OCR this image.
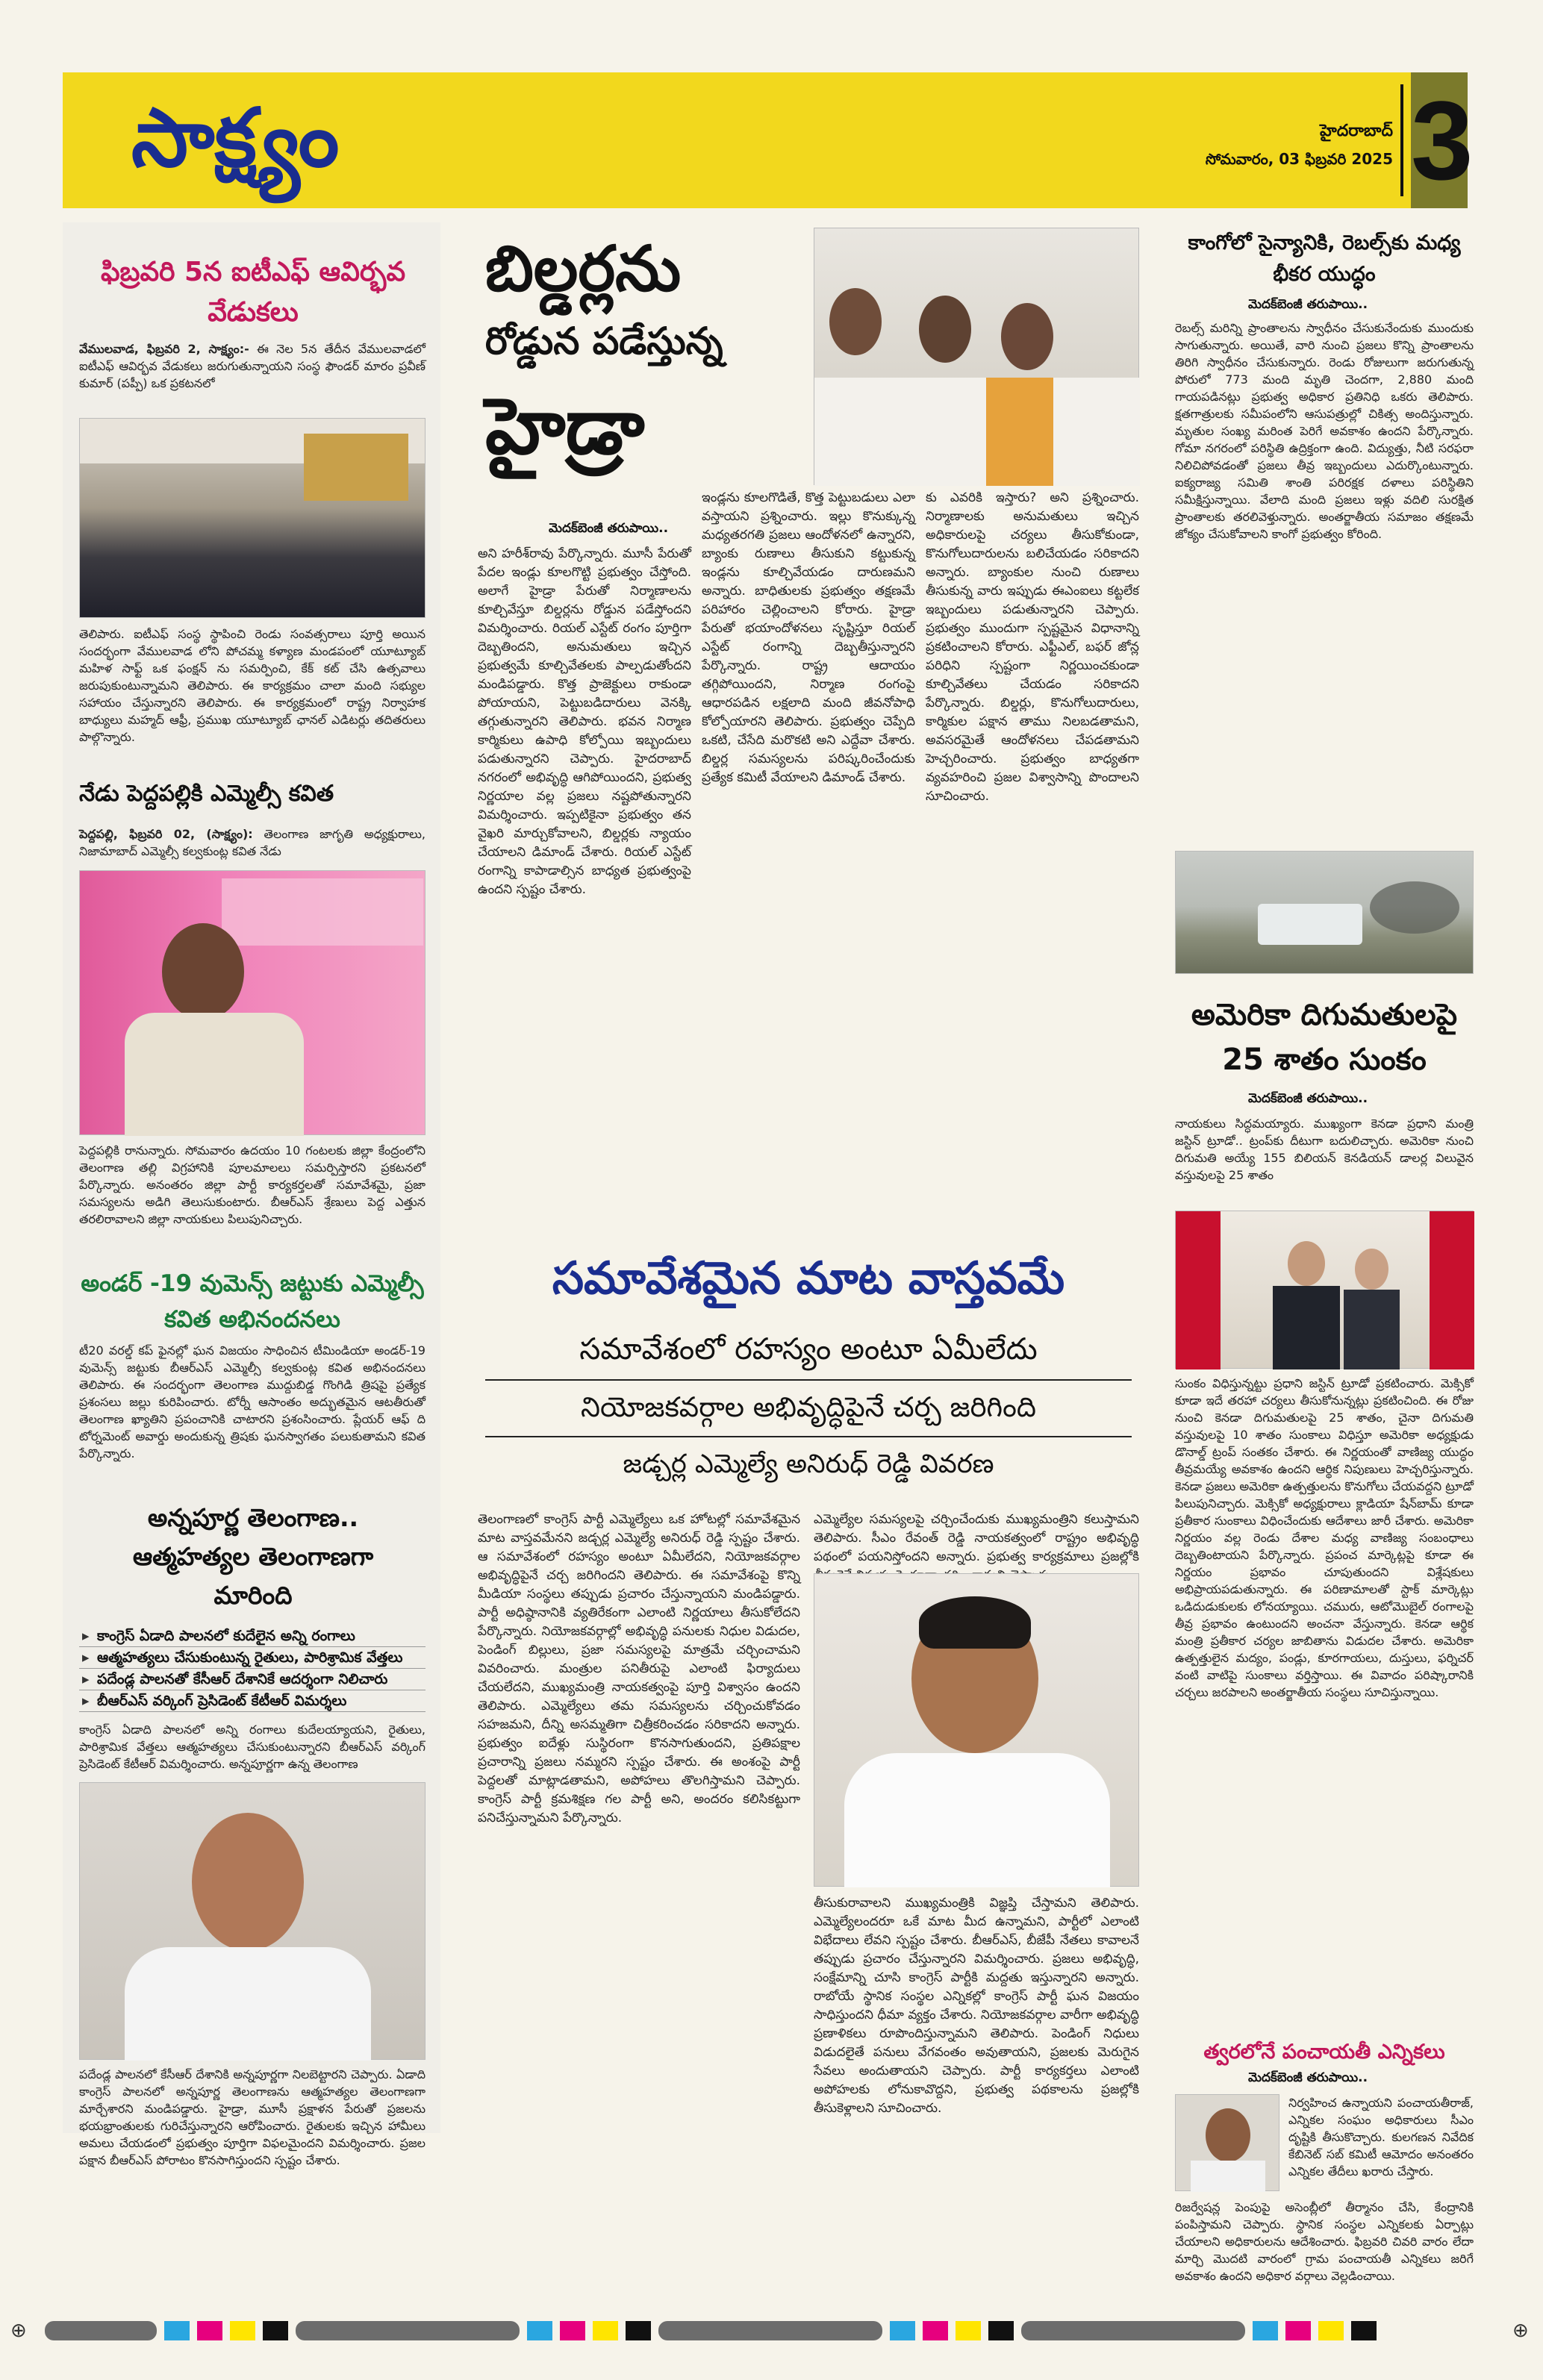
సాక్ష్యం	హైదరాబాద్
సోమవారం, 03 ఫిబ్రవరి 2025 3
ఫిబ్రవరి 5న ఐటీఎఫ్ ఆవిర్భవ వేడుకలు
వేములవాడ, ఫిబ్రవరి 2, సాక్ష్యం:- ఈ నెల 5న తేదీన వేములవాడలో ఐటీఎఫ్ ఆవిర్భవ వేడుకలు జరుగుతున్నాయని సంస్థ ఫౌండర్ మారం ప్రవీణ్ కుమార్ (పప్పీ) ఒక ప్రకటనలో
తెలిపారు. ఐటీఎఫ్ సంస్థ స్థాపించి రెండు సంవత్సరాలు పూర్తి అయిన సందర్భంగా వేములవాడ లోని పోచమ్మ కళ్యాణ మండపంలో యూట్యూబ్ మహిళ సాఫ్ట్ ఒక ఫంక్షన్ ను సమర్పించి, కేక్ కట్ చేసి ఉత్సవాలు జరుపుకుంటున్నామని తెలిపారు. ఈ కార్యక్రమం చాలా మంది సభ్యుల సహాయం చేస్తున్నారని తెలిపారు. ఈ కార్యక్రమంలో రాష్ట్ర నిర్వాహక బాధ్యులు మహ్మద్ ఆఫ్రీ, ప్రముఖ యూట్యూబ్ ఛానల్ ఎడిటర్లు తదితరులు పాల్గొన్నారు.
నేడు పెద్దపల్లికి ఎమ్మెల్సీ కవిత
పెద్దపల్లి, ఫిబ్రవరి 02, (సాక్ష్యం): తెలంగాణ జాగృతి అధ్యక్షురాలు, నిజామాబాద్ ఎమ్మెల్సీ కల్వకుంట్ల కవిత నేడు
పెద్దపల్లికి రానున్నారు. సోమవారం ఉదయం 10 గంటలకు జిల్లా కేంద్రంలోని తెలంగాణ తల్లి విగ్రహానికి పూలమాలలు సమర్పిస్తారని ప్రకటనలో పేర్కొన్నారు. అనంతరం జిల్లా పార్టీ కార్యకర్తలతో సమావేశమై, ప్రజా సమస్యలను అడిగి తెలుసుకుంటారు. బీఆర్ఎస్ శ్రేణులు పెద్ద ఎత్తున తరలిరావాలని జిల్లా నాయకులు పిలుపునిచ్చారు.
అండర్ -19 వుమెన్స్ జట్టుకు ఎమ్మెల్సీ కవిత అభినందనలు
టీ20 వరల్డ్ కప్ ఫైనల్లో ఘన విజయం సాధించిన టీమిండియా అండర్-19 వుమెన్స్ జట్టుకు బీఆర్ఎస్ ఎమ్మెల్సీ కల్వకుంట్ల కవిత అభినందనలు తెలిపారు. ఈ సందర్భంగా తెలంగాణ ముద్దుబిడ్డ గొంగిడి త్రిషపై ప్రత్యేక ప్రశంసలు జల్లు కురిపించారు. టోర్నీ ఆసాంతం అద్భుతమైన ఆటతీరుతో తెలంగాణ ఖ్యాతిని ప్రపంచానికి చాటారని ప్రశంసించారు. ప్లేయర్ ఆఫ్ ది టోర్నమెంట్ అవార్డు అందుకున్న త్రిషకు ఘనస్వాగతం పలుకుతామని కవిత పేర్కొన్నారు.
అన్నపూర్ణ తెలంగాణ.. ఆత్మహత్యల తెలంగాణగా మారింది
▸ కాంగ్రెస్ ఏడాది పాలనలో కుదేలైన అన్ని రంగాలు
▸ ఆత్మహత్యలు చేసుకుంటున్న రైతులు, పారిశ్రామిక వేత్తలు
▸ పదేండ్ల పాలనతో కేసీఆర్ దేశానికే ఆదర్శంగా నిలిచారు
▸ బీఆర్ఎస్ వర్కింగ్ ప్రెసిడెంట్ కేటీఆర్ విమర్శలు
కాంగ్రెస్ ఏడాది పాలనలో అన్ని రంగాలు కుదేలయ్యాయని, రైతులు, పారిశ్రామిక వేత్తలు ఆత్మహత్యలు చేసుకుంటున్నారని బీఆర్ఎస్ వర్కింగ్ ప్రెసిడెంట్ కేటీఆర్ విమర్శించారు. అన్నపూర్ణగా ఉన్న తెలంగాణ
పదేండ్ల పాలనలో కేసీఆర్ దేశానికి అన్నపూర్ణగా నిలబెట్టారని చెప్పారు. ఏడాది కాంగ్రెస్ పాలనలో అన్నపూర్ణ తెలంగాణను ఆత్మహత్యల తెలంగాణగా మార్చేశారని మండిపడ్డారు. హైడ్రా, మూసీ ప్రక్షాళన పేరుతో ప్రజలను భయభ్రాంతులకు గురిచేస్తున్నారని ఆరోపించారు. రైతులకు ఇచ్చిన హామీలు అమలు చేయడంలో ప్రభుత్వం పూర్తిగా విఫలమైందని విమర్శించారు. ప్రజల పక్షాన బీఆర్ఎస్ పోరాటం కొనసాగిస్తుందని స్పష్టం చేశారు.
బిల్డర్లను
రోడ్డున పడేస్తున్న
హైడ్రా
మెదక్‌బెంజీ తరుపాయి..
అని హరీశ్‌రావు పేర్కొన్నారు. మూసీ పేరుతో పేదల ఇండ్లు కూలగొట్టి ప్రభుత్వం చేస్తోంది. అలాగే హైడ్రా పేరుతో నిర్మాణాలను కూల్చివేస్తూ బిల్డర్లను రోడ్డున పడేస్తోందని విమర్శించారు. రియల్ ఎస్టేట్ రంగం పూర్తిగా దెబ్బతిందని, అనుమతులు ఇచ్చిన ప్రభుత్వమే కూల్చివేతలకు పాల్పడుతోందని మండిపడ్డారు. కొత్త ప్రాజెక్టులు రాకుండా పోయాయని, పెట్టుబడిదారులు వెనక్కి తగ్గుతున్నారని తెలిపారు. భవన నిర్మాణ కార్మికులు ఉపాధి కోల్పోయి ఇబ్బందులు పడుతున్నారని చెప్పారు. హైదరాబాద్ నగరంలో అభివృద్ధి ఆగిపోయిందని, ప్రభుత్వ నిర్ణయాల వల్ల ప్రజలు నష్టపోతున్నారని విమర్శించారు. ఇప్పటికైనా ప్రభుత్వం తన వైఖరి మార్చుకోవాలని, బిల్డర్లకు న్యాయం చేయాలని డిమాండ్ చేశారు. రియల్ ఎస్టేట్ రంగాన్ని కాపాడాల్సిన బాధ్యత ప్రభుత్వంపై ఉందని స్పష్టం చేశారు.
ఇండ్లను కూలగొడితే, కొత్త పెట్టుబడులు ఎలా వస్తాయని ప్రశ్నించారు. ఇల్లు కొనుక్కున్న మధ్యతరగతి ప్రజలు ఆందోళనలో ఉన్నారని, బ్యాంకు రుణాలు తీసుకుని కట్టుకున్న ఇండ్లను కూల్చివేయడం దారుణమని అన్నారు. బాధితులకు ప్రభుత్వం తక్షణమే పరిహారం చెల్లించాలని కోరారు. హైడ్రా పేరుతో భయాందోళనలు సృష్టిస్తూ రియల్ ఎస్టేట్ రంగాన్ని దెబ్బతీస్తున్నారని పేర్కొన్నారు. రాష్ట్ర ఆదాయం తగ్గిపోయిందని, నిర్మాణ రంగంపై ఆధారపడిన లక్షలాది మంది జీవనోపాధి కోల్పోయారని తెలిపారు. ప్రభుత్వం చెప్పేది ఒకటి, చేసేది మరొకటి అని ఎద్దేవా చేశారు. బిల్డర్ల సమస్యలను పరిష్కరించేందుకు ప్రత్యేక కమిటీ వేయాలని డిమాండ్ చేశారు.
కు ఎవరికి ఇస్తారు? అని ప్రశ్నించారు. నిర్మాణాలకు అనుమతులు ఇచ్చిన అధికారులపై చర్యలు తీసుకోకుండా, కొనుగోలుదారులను బలిచేయడం సరికాదని అన్నారు. బ్యాంకుల నుంచి రుణాలు తీసుకున్న వారు ఇప్పుడు ఈఎంఐలు కట్టలేక ఇబ్బందులు పడుతున్నారని చెప్పారు. ప్రభుత్వం ముందుగా స్పష్టమైన విధానాన్ని ప్రకటించాలని కోరారు. ఎఫ్టీఎల్, బఫర్ జోన్ల పరిధిని స్పష్టంగా నిర్ణయించకుండా కూల్చివేతలు చేయడం సరికాదని పేర్కొన్నారు. బిల్డర్లు, కొనుగోలుదారులు, కార్మికుల పక్షాన తాము నిలబడతామని, అవసరమైతే ఆందోళనలు చేపడతామని హెచ్చరించారు. ప్రభుత్వం బాధ్యతగా వ్యవహరించి ప్రజల విశ్వాసాన్ని పొందాలని సూచించారు.
సమావేశమైన మాట వాస్తవమే
సమావేశంలో రహస్యం అంటూ ఏమీలేదు
నియోజకవర్గాల అభివృద్ధిపైనే చర్చ జరిగింది
జడ్చర్ల ఎమ్మెల్యే అనిరుధ్ రెడ్డి వివరణ
తెలంగాణలో కాంగ్రెస్ పార్టీ ఎమ్మెల్యేలు ఒక హోటల్లో సమావేశమైన మాట వాస్తవమేనని జడ్చర్ల ఎమ్మెల్యే అనిరుధ్ రెడ్డి స్పష్టం చేశారు. ఆ సమావేశంలో రహస్యం అంటూ ఏమీలేదని, నియోజకవర్గాల అభివృద్ధిపైనే చర్చ జరిగిందని తెలిపారు. ఈ సమావేశంపై కొన్ని మీడియా సంస్థలు తప్పుడు ప్రచారం చేస్తున్నాయని మండిపడ్డారు. పార్టీ అధిష్ఠానానికి వ్యతిరేకంగా ఎలాంటి నిర్ణయాలు తీసుకోలేదని పేర్కొన్నారు. నియోజకవర్గాల్లో అభివృద్ధి పనులకు నిధుల విడుదల, పెండింగ్ బిల్లులు, ప్రజా సమస్యలపై మాత్రమే చర్చించామని వివరించారు. మంత్రుల పనితీరుపై ఎలాంటి ఫిర్యాదులు చేయలేదని, ముఖ్యమంత్రి నాయకత్వంపై పూర్తి విశ్వాసం ఉందని తెలిపారు. ఎమ్మెల్యేలు తమ సమస్యలను చర్చించుకోవడం సహజమని, దీన్ని అసమ్మతిగా చిత్రీకరించడం సరికాదని అన్నారు. ప్రభుత్వం ఐదేళ్లు సుస్థిరంగా కొనసాగుతుందని, ప్రతిపక్షాల ప్రచారాన్ని ప్రజలు నమ్మరని స్పష్టం చేశారు. ఈ అంశంపై పార్టీ పెద్దలతో మాట్లాడతామని, అపోహలు తొలగిస్తామని చెప్పారు. కాంగ్రెస్ పార్టీ క్రమశిక్షణ గల పార్టీ అని, అందరం కలిసికట్టుగా పనిచేస్తున్నామని పేర్కొన్నారు.
ఎమ్మెల్యేల సమస్యలపై చర్చించేందుకు ముఖ్యమంత్రిని కలుస్తామని తెలిపారు. సీఎం రేవంత్ రెడ్డి నాయకత్వంలో రాష్ట్రం అభివృద్ధి పథంలో పయనిస్తోందని అన్నారు. ప్రభుత్వ కార్యక్రమాలు ప్రజల్లోకి
తీసుకురావాలని ముఖ్యమంత్రికి విజ్ఞప్తి చేస్తామని తెలిపారు. ఎమ్మెల్యేలందరూ ఒకే మాట మీద ఉన్నామని, పార్టీలో ఎలాంటి విభేదాలు లేవని స్పష్టం చేశారు. బీఆర్ఎస్, బీజేపీ నేతలు కావాలనే తప్పుడు ప్రచారం చేస్తున్నారని విమర్శించారు. ప్రజలు అభివృద్ధి, సంక్షేమాన్ని చూసి కాంగ్రెస్ పార్టీకి మద్దతు ఇస్తున్నారని అన్నారు. రాబోయే స్థానిక సంస్థల ఎన్నికల్లో కాంగ్రెస్ పార్టీ ఘన విజయం సాధిస్తుందని ధీమా వ్యక్తం చేశారు. నియోజకవర్గాల వారీగా అభివృద్ధి ప్రణాళికలు రూపొందిస్తున్నామని తెలిపారు. పెండింగ్ నిధులు విడుదలైతే పనులు వేగవంతం అవుతాయని, ప్రజలకు మెరుగైన సేవలు అందుతాయని చెప్పారు. పార్టీ కార్యకర్తలు ఎలాంటి అపోహలకు లోనుకావొద్దని, ప్రభుత్వ పథకాలను ప్రజల్లోకి తీసుకెళ్లాలని సూచించారు.
కాంగోలో సైన్యానికి, రెబల్స్‌కు మధ్య భీకర యుద్ధం
మెదక్‌బెంజీ తరుపాయి..
రెబల్స్ మరిన్ని ప్రాంతాలను స్వాధీనం చేసుకునేందుకు ముందుకు సాగుతున్నారు. అయితే, వారి నుంచి ప్రజలు కొన్ని ప్రాంతాలను తిరిగి స్వాధీనం చేసుకున్నారు. రెండు రోజులుగా జరుగుతున్న పోరులో 773 మంది మృతి చెందగా, 2,880 మంది గాయపడినట్లు ప్రభుత్వ అధికార ప్రతినిధి ఒకరు తెలిపారు. క్షతగాత్రులకు సమీపంలోని ఆసుపత్రుల్లో చికిత్స అందిస్తున్నారు. మృతుల సంఖ్య మరింత పెరిగే అవకాశం ఉందని పేర్కొన్నారు. గోమా నగరంలో పరిస్థితి ఉద్రిక్తంగా ఉంది. విద్యుత్తు, నీటి సరఫరా నిలిచిపోవడంతో ప్రజలు తీవ్ర ఇబ్బందులు ఎదుర్కొంటున్నారు. ఐక్యరాజ్య సమితి శాంతి పరిరక్షక దళాలు పరిస్థితిని సమీక్షిస్తున్నాయి. వేలాది మంది ప్రజలు ఇళ్లు వదిలి సురక్షిత ప్రాంతాలకు తరలివెళ్తున్నారు. అంతర్జాతీయ సమాజం తక్షణమే జోక్యం చేసుకోవాలని కాంగో ప్రభుత్వం కోరింది.
అమెరికా దిగుమతులపై 25 శాతం సుంకం
మెదక్‌బెంజీ తరుపాయి..
నాయకులు సిద్ధమయ్యారు. ముఖ్యంగా కెనడా ప్రధాని మంత్రి జస్టిన్ ట్రూడో.. ట్రంప్‌కు దీటుగా బదులిచ్చారు. అమెరికా నుంచి దిగుమతి అయ్యే 155 బిలియన్ కెనడియన్ డాలర్ల విలువైన వస్తువులపై 25 శాతం
సుంకం విధిస్తున్నట్టు ప్రధాని జస్టిన్ ట్రూడో ప్రకటించారు. మెక్సికో కూడా ఇదే తరహా చర్యలు తీసుకోనున్నట్లు ప్రకటించింది. ఈ రోజు నుంచి కెనడా దిగుమతులపై 25 శాతం, చైనా దిగుమతి వస్తువులపై 10 శాతం సుంకాలు విధిస్తూ అమెరికా అధ్యక్షుడు డొనాల్డ్ ట్రంప్ సంతకం చేశారు. ఈ నిర్ణయంతో వాణిజ్య యుద్ధం తీవ్రమయ్యే అవకాశం ఉందని ఆర్థిక నిపుణులు హెచ్చరిస్తున్నారు. కెనడా ప్రజలు అమెరికా ఉత్పత్తులను కొనుగోలు చేయవద్దని ట్రూడో పిలుపునిచ్చారు. మెక్సికో అధ్యక్షురాలు క్లాడియా షేన్‌బామ్ కూడా ప్రతీకార సుంకాలు విధించేందుకు ఆదేశాలు జారీ చేశారు. అమెరికా నిర్ణయం వల్ల రెండు దేశాల మధ్య వాణిజ్య సంబంధాలు దెబ్బతింటాయని పేర్కొన్నారు. ప్రపంచ మార్కెట్లపై కూడా ఈ నిర్ణయం ప్రభావం చూపుతుందని విశ్లేషకులు అభిప్రాయపడుతున్నారు. ఈ పరిణామాలతో స్టాక్ మార్కెట్లు ఒడిదుడుకులకు లోనయ్యాయి. చమురు, ఆటోమొబైల్ రంగాలపై తీవ్ర ప్రభావం ఉంటుందని అంచనా వేస్తున్నారు. కెనడా ఆర్థిక మంత్రి ప్రతీకార చర్యల జాబితాను విడుదల చేశారు. అమెరికా ఉత్పత్తులైన మద్యం, పండ్లు, కూరగాయలు, దుస్తులు, ఫర్నిచర్ వంటి వాటిపై సుంకాలు వర్తిస్తాయి. ఈ వివాదం పరిష్కారానికి చర్చలు జరపాలని అంతర్జాతీయ సంస్థలు సూచిస్తున్నాయి.
త్వరలోనే పంచాయతీ ఎన్నికలు
మెదక్‌బెంజీ తరుపాయి..
నిర్వహించ ఉన్నాయని పంచాయతీరాజ్, ఎన్నికల సంఘం అధికారులు సీఎం దృష్టికి తీసుకొచ్చారు. కులగణన నివేదిక కేబినెట్ సబ్ కమిటీ ఆమోదం అనంతరం ఎన్నికల తేదీలు ఖరారు చేస్తారు.
రిజర్వేషన్ల పెంపుపై అసెంబ్లీలో తీర్మానం చేసి, కేంద్రానికి పంపిస్తామని చెప్పారు. స్థానిక సంస్థల ఎన్నికలకు ఏర్పాట్లు చేయాలని అధికారులను ఆదేశించారు. ఫిబ్రవరి చివరి వారం లేదా మార్చి మొదటి వారంలో గ్రామ పంచాయతీ ఎన్నికలు జరిగే అవకాశం ఉందని అధికార వర్గాలు వెల్లడించాయి.
⊕	⊕
